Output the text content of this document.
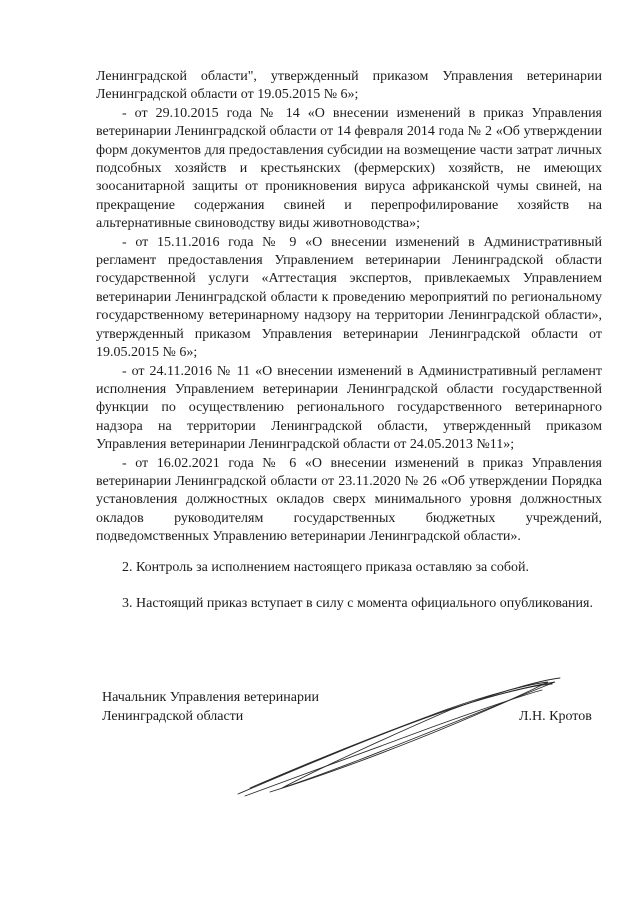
Ленинградской области", утвержденный приказом Управления ветеринарии Ленинградской области от 19.05.2015 № 6»;

- от 29.10.2015 года № 14 «О внесении изменений в приказ Управления ветеринарии Ленинградской области от 14 февраля 2014 года № 2 «Об утверждении форм документов для предоставления субсидии на возмещение части затрат личных подсобных хозяйств и крестьянских (фермерских) хозяйств, не имеющих зоосанитарной защиты от проникновения вируса африканской чумы свиней, на прекращение содержания свиней и перепрофилирование хозяйств на альтернативные свиноводству виды животноводства»;

- от 15.11.2016 года № 9 «О внесении изменений в Административный регламент предоставления Управлением ветеринарии Ленинградской области государственной услуги «Аттестация экспертов, привлекаемых Управлением ветеринарии Ленинградской области к проведению мероприятий по региональному государственному ветеринарному надзору на территории Ленинградской области», утвержденный приказом Управления ветеринарии Ленинградской области от 19.05.2015 № 6»;

- от 24.11.2016 № 11 «О внесении изменений в Административный регламент исполнения Управлением ветеринарии Ленинградской области государственной функции по осуществлению регионального государственного ветеринарного надзора на территории Ленинградской области, утвержденный приказом Управления ветеринарии Ленинградской области от 24.05.2013 №11»;

- от 16.02.2021 года № 6 «О внесении изменений в приказ Управления ветеринарии Ленинградской области от 23.11.2020 № 26 «Об утверждении Порядка установления должностных окладов сверх минимального уровня должностных окладов руководителям государственных бюджетных учреждений, подведомственных Управлению ветеринарии Ленинградской области».

2. Контроль за исполнением настоящего приказа оставляю за собой.

3. Настоящий приказ вступает в силу с момента официального опубликования.

Начальник Управления ветеринарии
Ленинградской области	Л.Н. Кротов
